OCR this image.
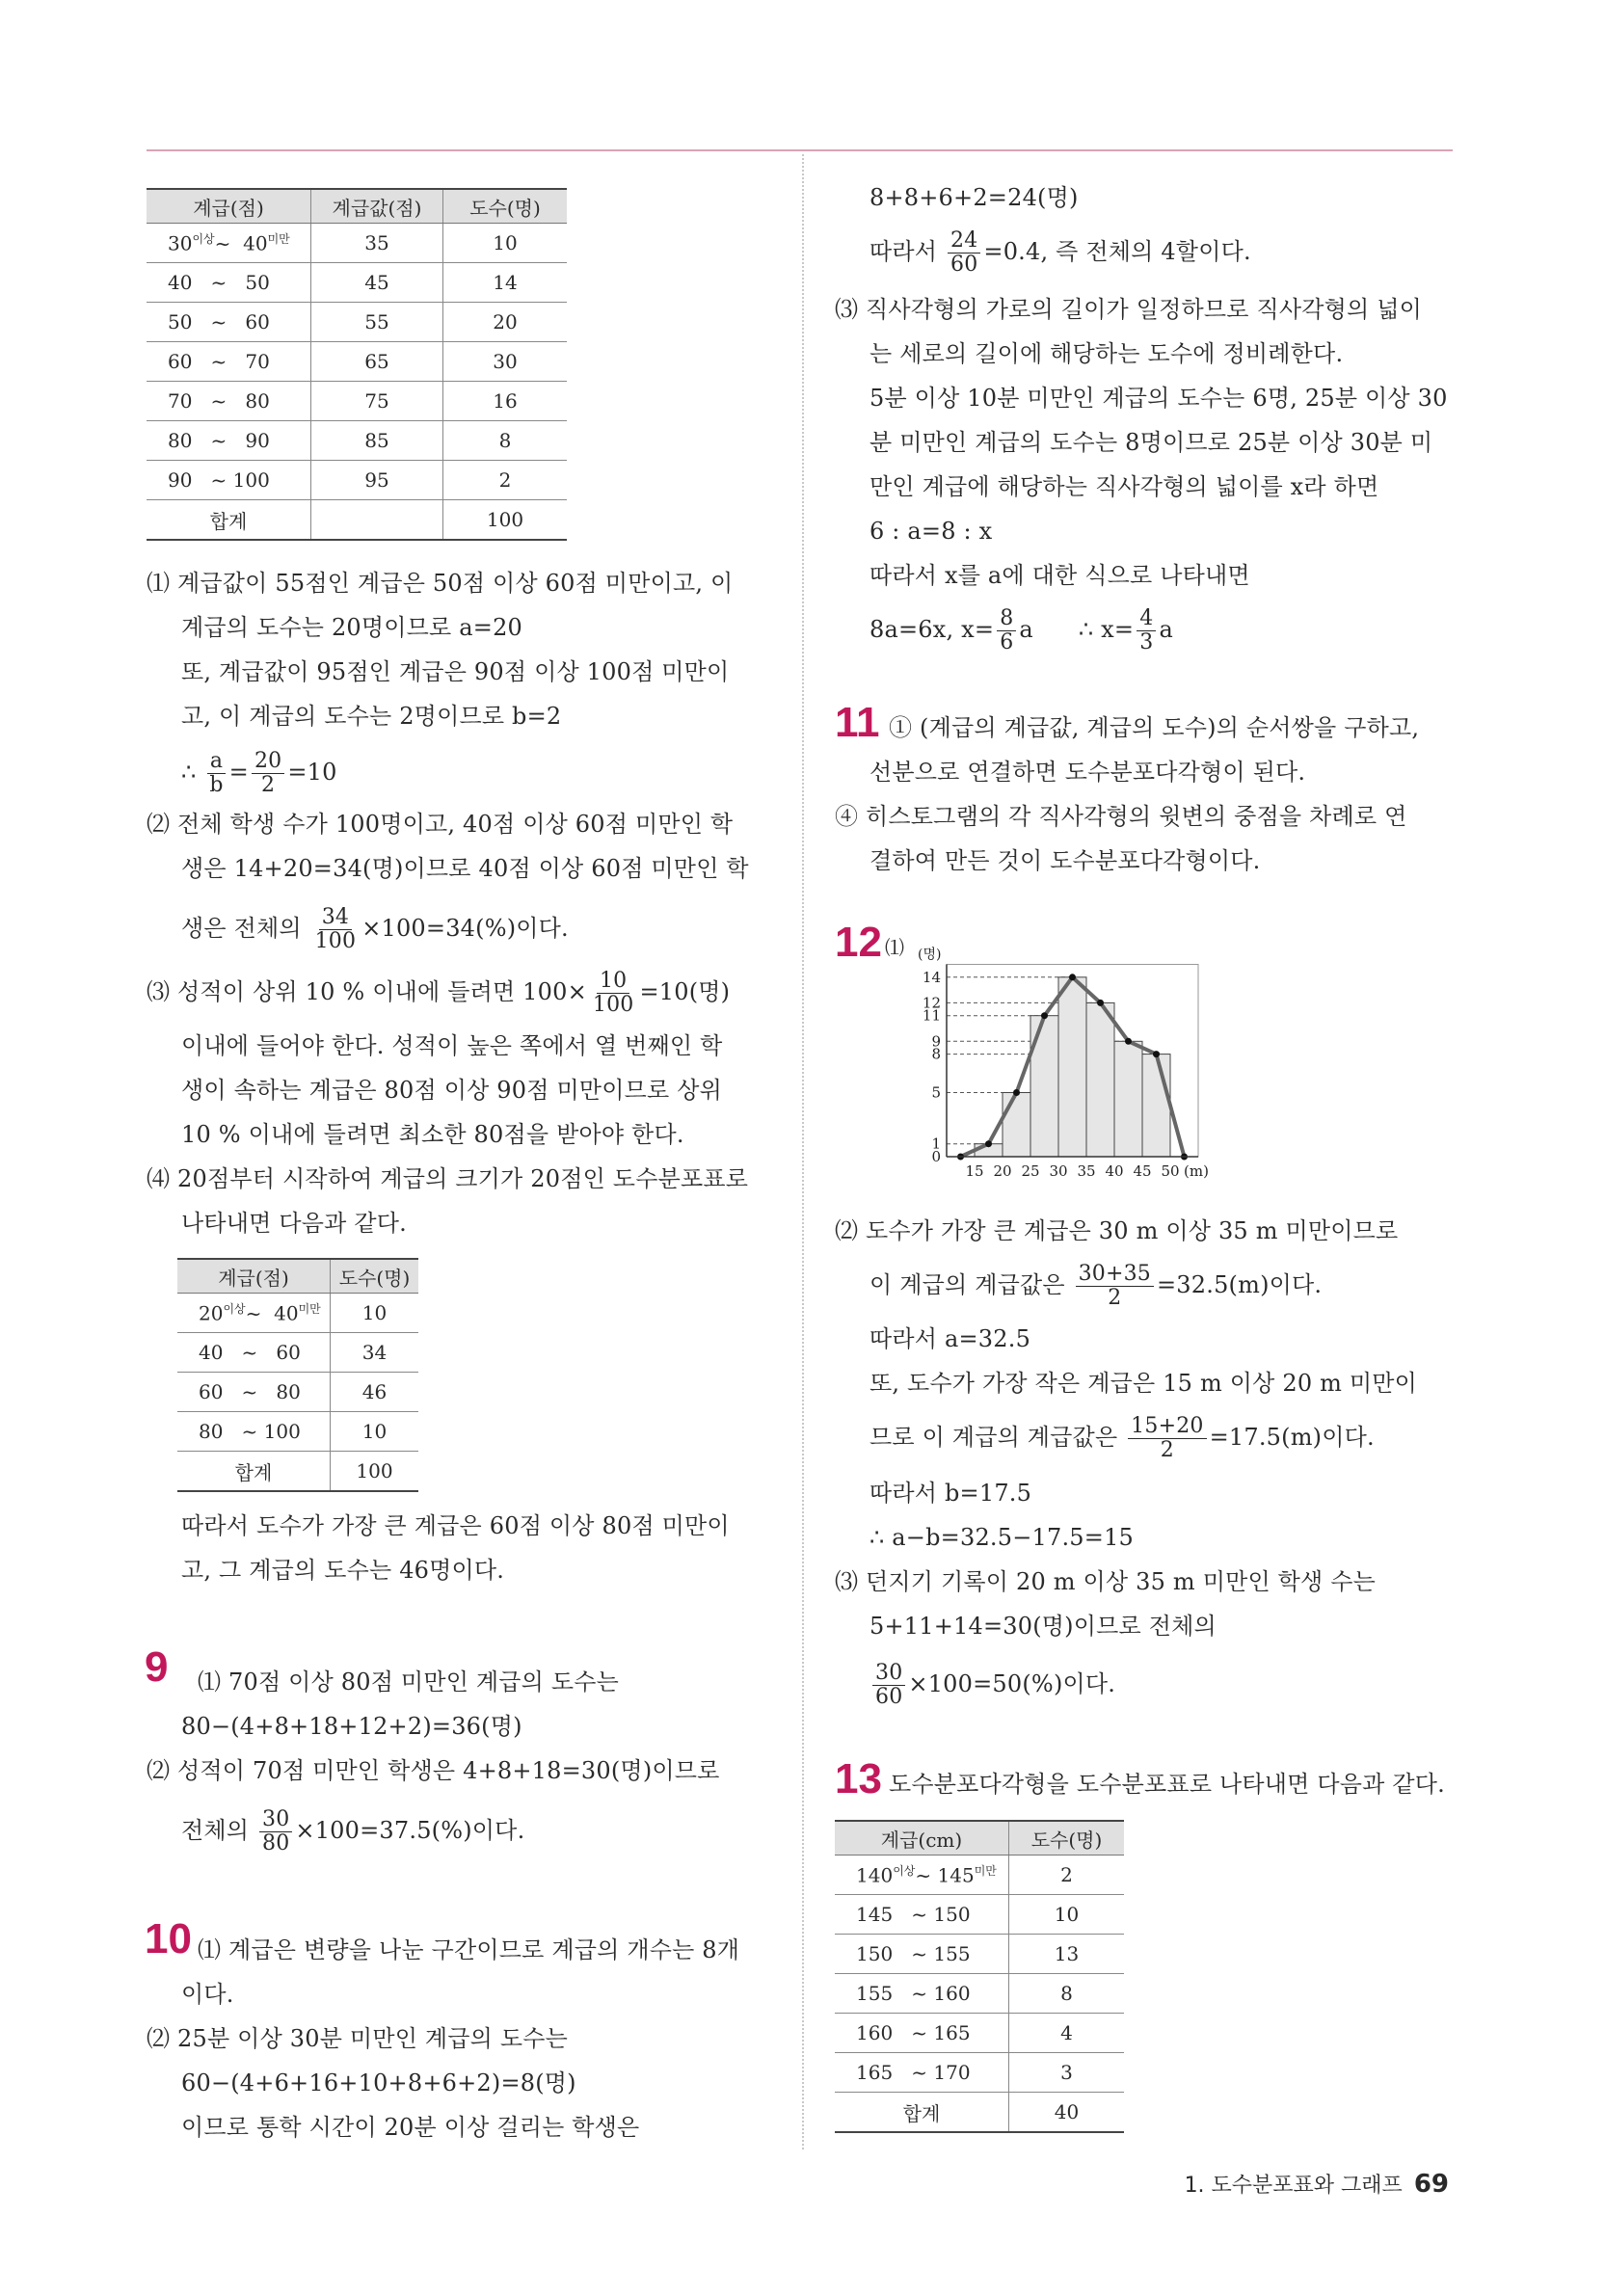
계급(점)	계급값(점)	도수(명)
$30^{이상}\sim$ $40^{미만}$	35	10
40 ~ 50	45	14
50 ~ 60	55	20
60 ~ 70	65	30
70 ~ 80	75	16
80 ~ 90	85	8
90 ~ 100	95	2
합계		100
⑴ 계급값이 55점인 계급은 50점 이상 60점 미만이고, 이
계급의 도수는 20명이므로 a=20
또, 계급값이 95점인 계급은 90점 이상 100점 미만이
고, 이 계급의 도수는 2명이므로 b=2
∴ $\frac{a}{b} = \frac{20}{2} =10$
⑵ 전체 학생 수가 100명이고, 40점 이상 60점 미만인 학
생은 14+20=34(명)이므로 40점 이상 60점 미만인 학
생은 전체의 $\frac{34}{100} \times 100=34(\%)$이다.
⑶ 성적이 상위 10 % 이내에 들려면 $100\times \frac{10}{100} =10$(명)
이내에 들어야 한다. 성적이 높은 쪽에서 열 번째인 학
생이 속하는 계급은 80점 이상 90점 미만이므로 상위
10 % 이내에 들려면 최소한 80점을 받아야 한다.
⑷ 20점부터 시작하여 계급의 크기가 20점인 도수분포표로
나타내면 다음과 같다.
계급(점)	도수(명)
$20^{이상}\sim$ $40^{미만}$	10
40 ~ 60	34
60 ~ 80	46
80 ~ 100	10
합계	100
따라서 도수가 가장 큰 계급은 60점 이상 80점 미만이
고, 그 계급의 도수는 46명이다.
9 ⑴ 70점 이상 80점 미만인 계급의 도수는
80−(4+8+18+12+2)=36(명)
⑵ 성적이 70점 미만인 학생은 4+8+18=30(명)이므로
전체의 $\frac{30}{80} \times 100=37.5(\%)$이다.
10 ⑴ 계급은 변량을 나눈 구간이므로 계급의 개수는 8개
이다.
⑵ 25분 이상 30분 미만인 계급의 도수는
60−(4+6+16+10+8+6+2)=8(명)
이므로 통학 시간이 20분 이상 걸리는 학생은
8+8+6+2=24(명)
따라서 $\frac{24}{60} =0.4$, 즉 전체의 4할이다.
⑶ 직사각형의 가로의 길이가 일정하므로 직사각형의 넓이
는 세로의 길이에 해당하는 도수에 정비례한다.
5분 이상 10분 미만인 계급의 도수는 6명, 25분 이상 30
분 미만인 계급의 도수는 8명이므로 25분 이상 30분 미
만인 계급에 해당하는 직사각형의 넓이를 x라 하면
6 : a=8 : x
따라서 x를 a에 대한 식으로 나타내면
8a=6x, $x= \frac{8}{6}$ a      ∴ $x= \frac{4}{3}$ a
11 ① (계급의 계급값, 계급의 도수)의 순서쌍을 구하고,
선분으로 연결하면 도수분포다각형이 된다.
④ 히스토그램의 각 직사각형의 윗변의 중점을 차례로 연
결하여 만든 것이 도수분포다각형이다.
12 ⑴
0
1
5
8
9
11
12
14
(명)
15 20 25 30 35 40 45 50 (m)
⑵ 도수가 가장 큰 계급은 30 m 이상 35 m 미만이므로
이 계급의 계급값은 $\frac{30+35}{2} =32.5(m)$이다.
따라서 a=32.5
또, 도수가 가장 작은 계급은 15 m 이상 20 m 미만이
므로 이 계급의 계급값은 $\frac{15+20}{2} =17.5(m)$이다.
따라서 b=17.5
∴ a−b=32.5−17.5=15
⑶ 던지기 기록이 20 m 이상 35 m 미만인 학생 수는
5+11+14=30(명)이므로 전체의
$\frac{30}{60} \times 100=50(\%)$이다.
13 도수분포다각형을 도수분포표로 나타내면 다음과 같다.
계급(cm)	도수(명)
$140^{이상}\sim$ $145^{미만}$	2
145 ~ 150	10
150 ~ 155	13
155 ~ 160	8
160 ~ 165	4
165 ~ 170	3
합계	40
1. 도수분포표와 그래프 69
